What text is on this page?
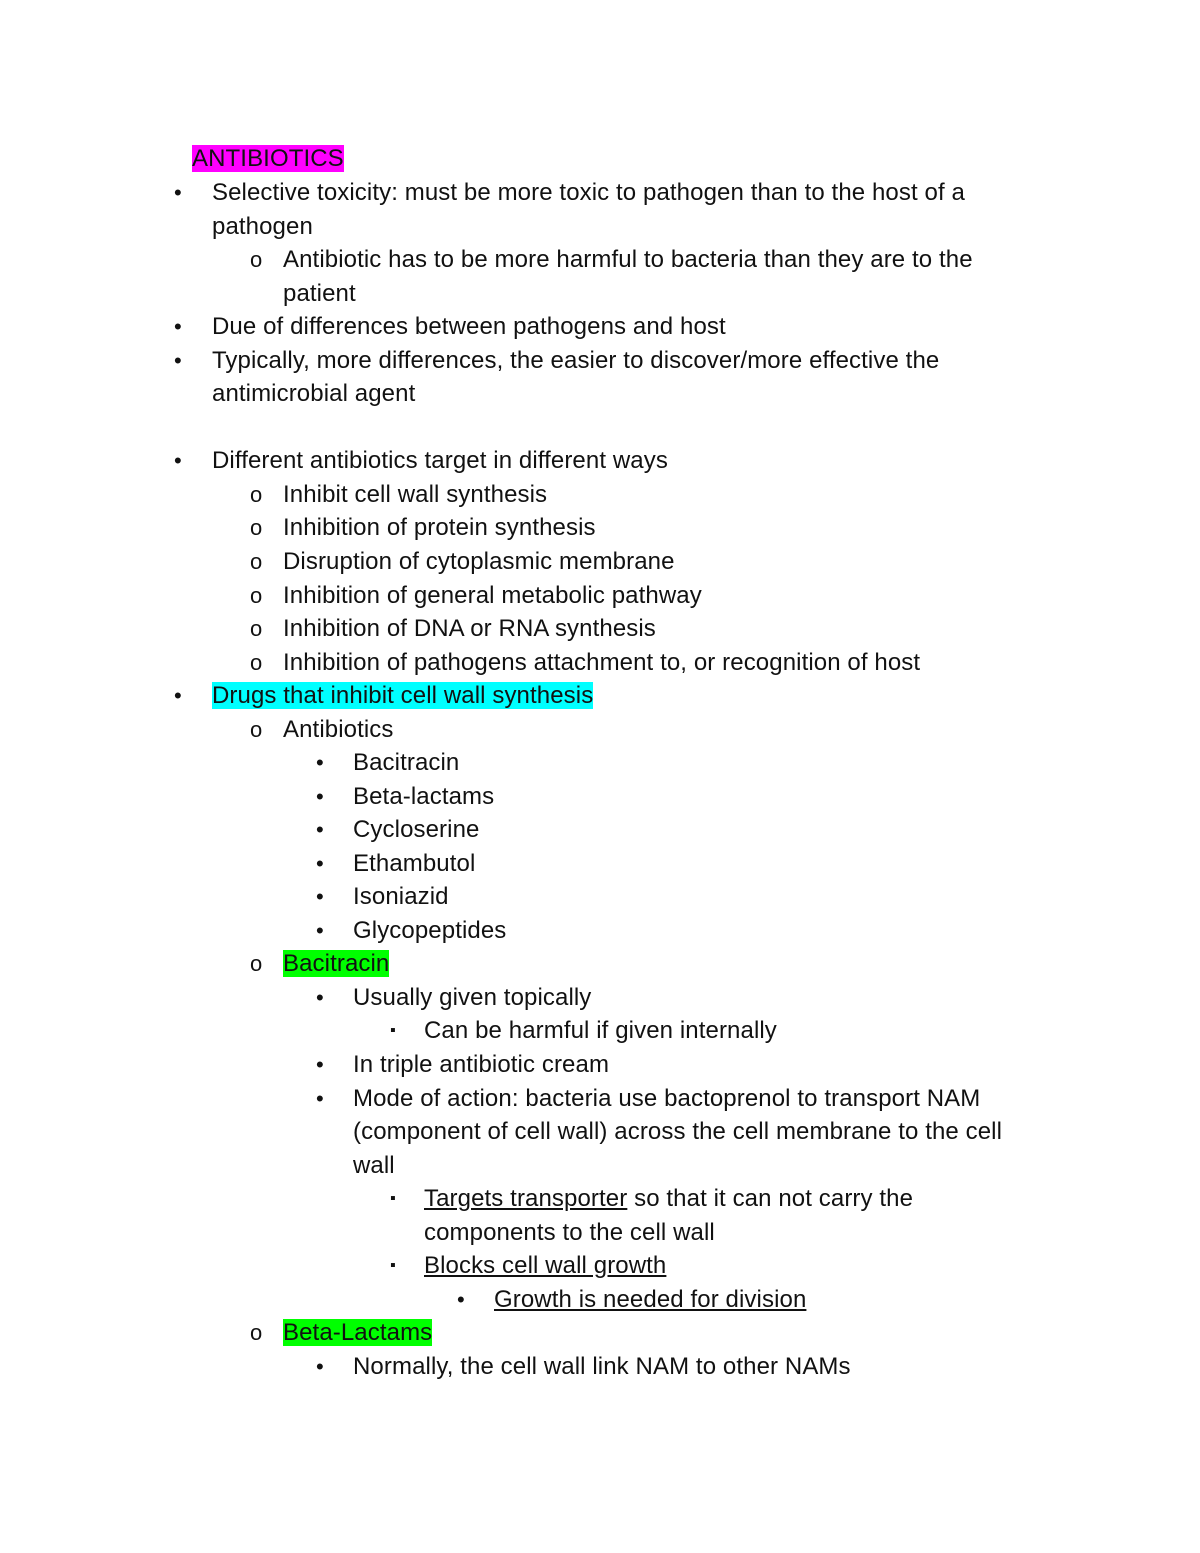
ANTIBIOTICS
• Selective toxicity: must be more toxic to pathogen than to the host of a
pathogen
o Antibiotic has to be more harmful to bacteria than they are to the
patient
• Due of differences between pathogens and host
• Typically, more differences, the easier to discover/more effective the
antimicrobial agent
• Different antibiotics target in different ways
o Inhibit cell wall synthesis
o Inhibition of protein synthesis
o Disruption of cytoplasmic membrane
o Inhibition of general metabolic pathway
o Inhibition of DNA or RNA synthesis
o Inhibition of pathogens attachment to, or recognition of host
• Drugs that inhibit cell wall synthesis
o Antibiotics
• Bacitracin
• Beta-lactams
• Cycloserine
• Ethambutol
• Isoniazid
• Glycopeptides
o Bacitracin
• Usually given topically
▪ Can be harmful if given internally
• In triple antibiotic cream
• Mode of action: bacteria use bactoprenol to transport NAM
(component of cell wall) across the cell membrane to the cell
wall
▪ Targets transporter so that it can not carry the
components to the cell wall
▪ Blocks cell wall growth
• Growth is needed for division
o Beta-Lactams
• Normally, the cell wall link NAM to other NAMs
